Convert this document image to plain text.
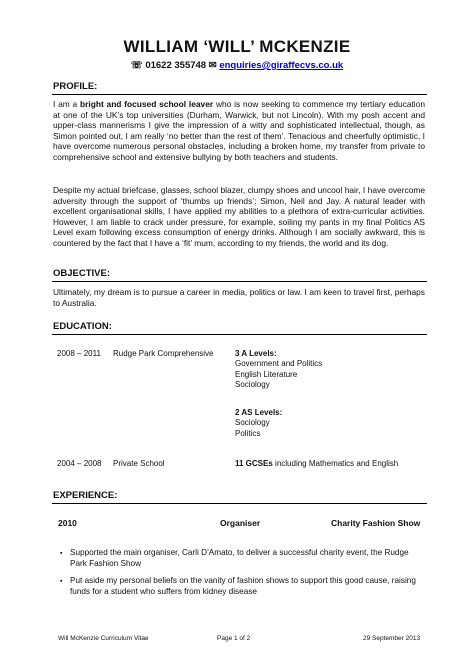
WILLIAM ‘WILL’ MCKENZIE
☏ 01622 355748 ✉ enquiries@giraffecvs.co.uk
PROFILE:

I am a bright and focused school leaver who is now seeking to commence my tertiary education at one of the UK’s top universities (Durham, Warwick, but not Lincoln). With my posh accent and upper-class mannerisms I give the impression of a witty and sophisticated intellectual, though, as Simon pointed out, I am really ‘no better than the rest of them’. Tenacious and cheerfully optimistic, I have overcome numerous personal obstacles, including a broken home, my transfer from private to comprehensive school and extensive bullying by both teachers and students.

Despite my actual briefcase, glasses, school blazer, clumpy shoes and uncool hair, I have overcome adversity through the support of ‘thumbs up friends’: Simon, Neil and Jay. A natural leader with excellent organisational skills, I have applied my abilities to a plethora of extra-curricular activities. However, I am liable to crack under pressure, for example, soiling my pants in my final Politics AS Level exam following excess consumption of energy drinks. Although I am socially awkward, this is countered by the fact that I have a ‘fit’ mum, according to my friends, the world and its dog.

OBJECTIVE:

Ultimately, my dream is to pursue a career in media, politics or law. I am keen to travel first, perhaps to Australia.

EDUCATION:
2008 – 2011 Rudge Park Comprehensive	3 A Levels:
Government and Politics
English Literature
Sociology
2 AS Levels:
Sociology
Politics
2004 – 2008 Private School	11 GCSEs including Mathematics and English
EXPERIENCE:
2010	Organiser	Charity Fashion Show
▪ Supported the main organiser, Carli D’Amato, to deliver a successful charity event, the Rudge Park Fashion Show

▪ Put aside my personal beliefs on the vanity of fashion shows to support this good cause, raising funds for a student who suffers from kidney disease

Will McKenzie Curriculum Vitae	Page 1 of 2	29 September 2013
